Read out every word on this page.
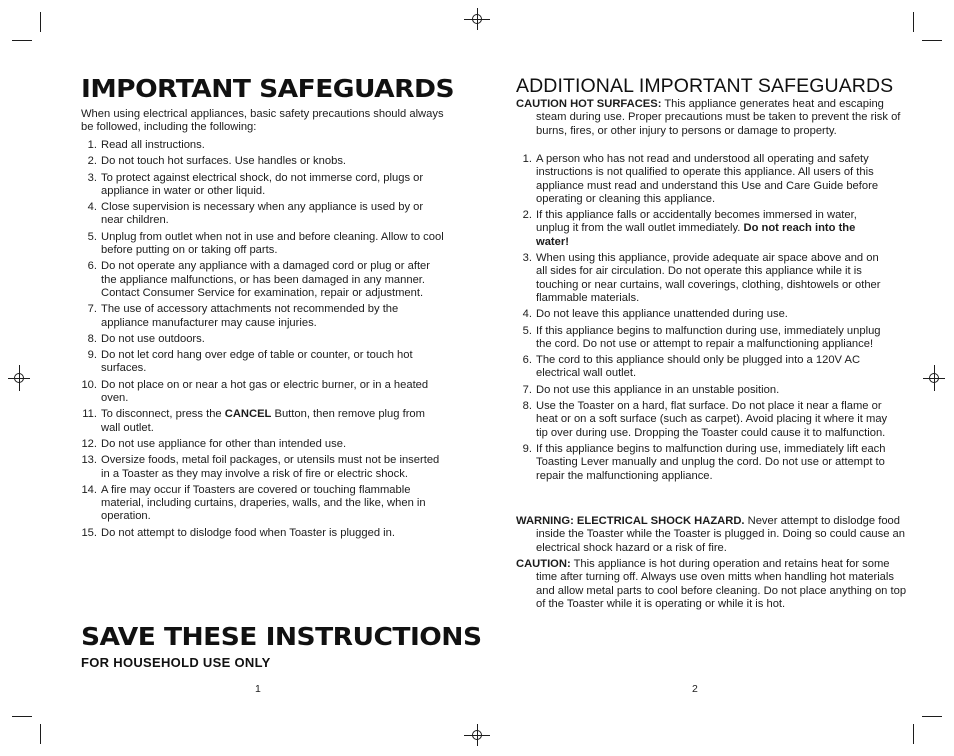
IMPORTANT SAFEGUARDS

When using electrical appliances, basic safety precautions should always be followed, including the following:

1. Read all instructions.
2. Do not touch hot surfaces. Use handles or knobs.
3. To protect against electrical shock, do not immerse cord, plugs or appliance in water or other liquid.
4. Close supervision is necessary when any appliance is used by or near children.
5. Unplug from outlet when not in use and before cleaning. Allow to cool before putting on or taking off parts.
6. Do not operate any appliance with a damaged cord or plug or after the appliance malfunctions, or has been damaged in any manner. Contact Consumer Service for examination, repair or adjustment.
7. The use of accessory attachments not recommended by the appliance manufacturer may cause injuries.
8. Do not use outdoors.
9. Do not let cord hang over edge of table or counter, or touch hot surfaces.
10. Do not place on or near a hot gas or electric burner, or in a heated oven.
11. To disconnect, press the CANCEL Button, then remove plug from wall outlet.
12. Do not use appliance for other than intended use.
13. Oversize foods, metal foil packages, or utensils must not be inserted in a Toaster as they may involve a risk of fire or electric shock.
14. A fire may occur if Toasters are covered or touching flammable material, including curtains, draperies, walls, and the like, when in operation.
15. Do not attempt to dislodge food when Toaster is plugged in.
SAVE THESE INSTRUCTIONS

FOR HOUSEHOLD USE ONLY

1
ADDITIONAL IMPORTANT SAFEGUARDS

CAUTION HOT SURFACES: This appliance generates heat and escaping steam during use. Proper precautions must be taken to prevent the risk of burns, fires, or other injury to persons or damage to property.

1. A person who has not read and understood all operating and safety instructions is not qualified to operate this appliance. All users of this appliance must read and understand this Use and Care Guide before operating or cleaning this appliance.
2. If this appliance falls or accidentally becomes immersed in water, unplug it from the wall outlet immediately. Do not reach into the water!
3. When using this appliance, provide adequate air space above and on all sides for air circulation. Do not operate this appliance while it is touching or near curtains, wall coverings, clothing, dishtowels or other flammable materials.
4. Do not leave this appliance unattended during use.
5. If this appliance begins to malfunction during use, immediately unplug the cord. Do not use or attempt to repair a malfunctioning appliance!
6. The cord to this appliance should only be plugged into a 120V AC electrical wall outlet.
7. Do not use this appliance in an unstable position.
8. Use the Toaster on a hard, flat surface. Do not place it near a flame or heat or on a soft surface (such as carpet). Avoid placing it where it may tip over during use. Dropping the Toaster could cause it to malfunction.
9. If this appliance begins to malfunction during use, immediately lift each Toasting Lever manually and unplug the cord. Do not use or attempt to repair the malfunctioning appliance.

WARNING: ELECTRICAL SHOCK HAZARD. Never attempt to dislodge food inside the Toaster while the Toaster is plugged in. Doing so could cause an electrical shock hazard or a risk of fire.

CAUTION: This appliance is hot during operation and retains heat for some time after turning off. Always use oven mitts when handling hot materials and allow metal parts to cool before cleaning. Do not place anything on top of the Toaster while it is operating or while it is hot.

2
